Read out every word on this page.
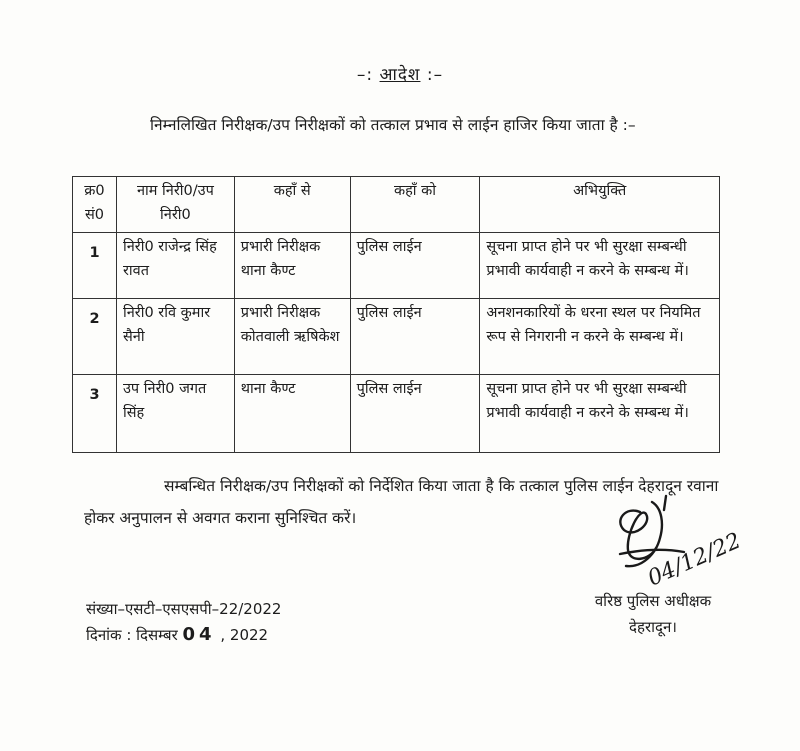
–: आदेश :–
निम्नलिखित निरीक्षक/उप निरीक्षकों को तत्काल प्रभाव से लाईन हाजिर किया जाता है :–
क्र0 सं0	नाम निरी0/उप निरी0	कहाँ से	कहाँ को	अभियुक्ति
1	निरी0 राजेन्द्र सिंह रावत	प्रभारी निरीक्षक थाना कैण्ट	पुलिस लाईन	सूचना प्राप्त होने पर भी सुरक्षा सम्बन्धी प्रभावी कार्यवाही न करने के सम्बन्ध में।
2	निरी0 रवि कुमार सैनी	प्रभारी निरीक्षक कोतवाली ऋषिकेश	पुलिस लाईन	अनशनकारियों के धरना स्थल पर नियमित रूप से निगरानी न करने के सम्बन्ध में।
3	उप निरी0 जगत सिंह	थाना कैण्ट	पुलिस लाईन	सूचना प्राप्त होने पर भी सुरक्षा सम्बन्धी प्रभावी कार्यवाही न करने के सम्बन्ध में।
सम्बन्धित निरीक्षक/उप निरीक्षकों को निर्देशित किया जाता है कि तत्काल पुलिस लाईन देहरादून रवाना होकर अनुपालन से अवगत कराना सुनिश्चित करें।
04/12/22
संख्या–एसटी–एसएसपी–22/2022
दिनांक : दिसम्बर 04 , 2022
वरिष्ठ पुलिस अधीक्षक
देहरादून।
